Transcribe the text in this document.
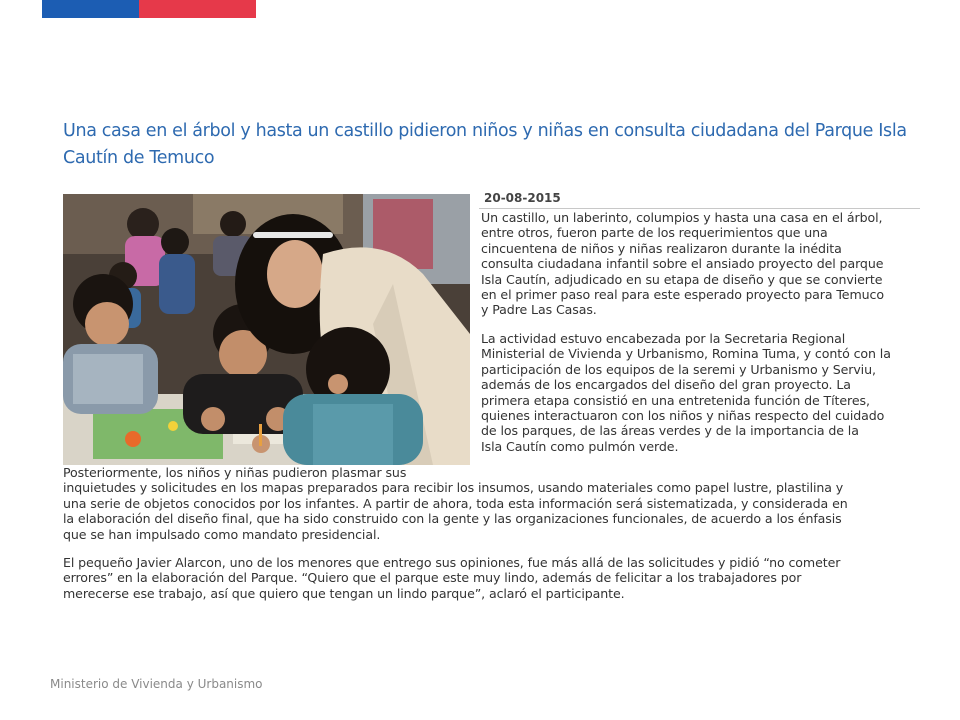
Una casa en el árbol y hasta un castillo pidieron niños y niñas en consulta ciudadana del Parque Isla Cautín de Temuco
20-08-2015

Un castillo, un laberinto, columpios y hasta una casa en el árbol,
entre otros, fueron parte de los requerimientos que una
cincuentena de niños y niñas realizaron durante la inédita
consulta ciudadana infantil sobre el ansiado proyecto del parque
Isla Cautín, adjudicado en su etapa de diseño y que se convierte
en el primer paso real para este esperado proyecto para Temuco
y Padre Las Casas.

La actividad estuvo encabezada por la Secretaria Regional
Ministerial de Vivienda y Urbanismo, Romina Tuma, y contó con la
participación de los equipos de la seremi y Urbanismo y Serviu,
además de los encargados del diseño del gran proyecto. La
primera etapa consistió en una entretenida función de Títeres,
quienes interactuaron con los niños y niñas respecto del cuidado
de los parques, de las áreas verdes y de la importancia de la
Isla Cautín como pulmón verde.

Posteriormente, los niños y niñas pudieron plasmar sus
inquietudes y solicitudes en los mapas preparados para recibir los insumos, usando materiales como papel lustre, plastilina y
una serie de objetos conocidos por los infantes. A partir de ahora, toda esta información será sistematizada, y considerada en
la elaboración del diseño final, que ha sido construido con la gente y las organizaciones funcionales, de acuerdo a los énfasis
que se han impulsado como mandato presidencial.

El pequeño Javier Alarcon, uno de los menores que entrego sus opiniones, fue más allá de las solicitudes y pidió “no cometer
errores” en la elaboración del Parque. “Quiero que el parque este muy lindo, además de felicitar a los trabajadores por
merecerse ese trabajo, así que quiero que tengan un lindo parque”, aclaró el participante.

Ministerio de Vivienda y Urbanismo
